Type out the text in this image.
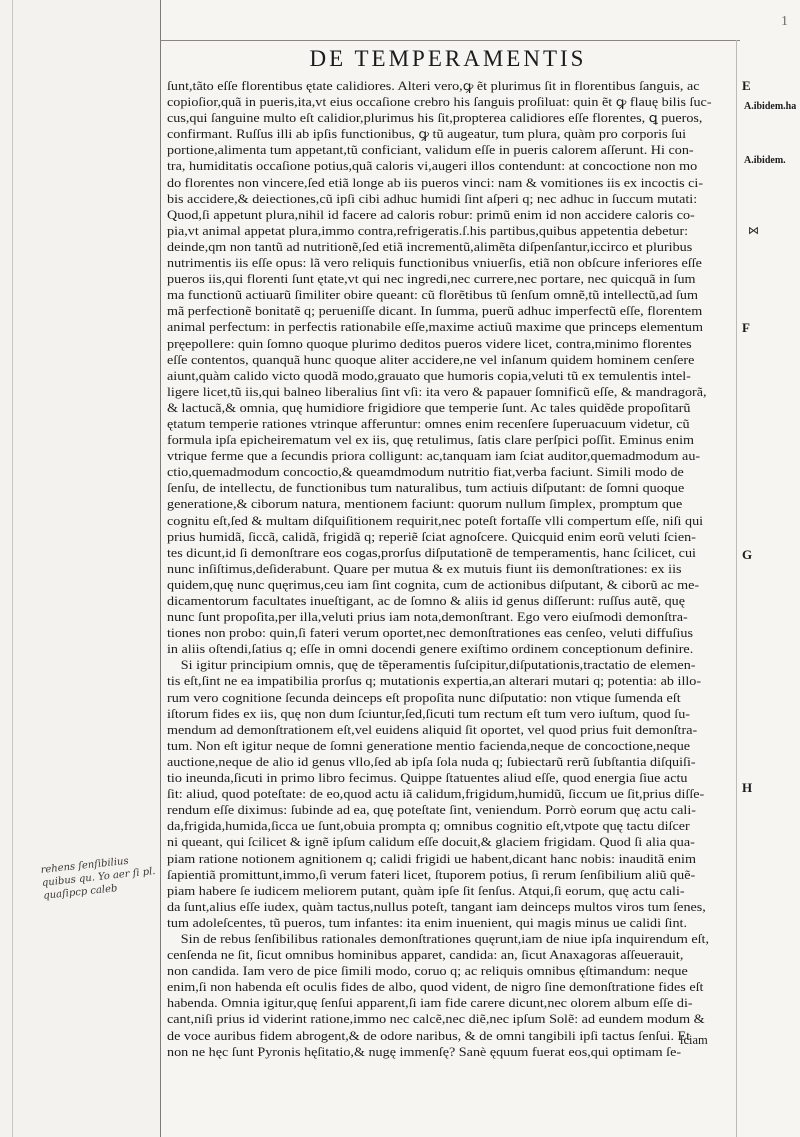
rehens ſenſibilius quibus qu. Yo aer ſi pl. quaſipcp caleb
1
DE TEMPERAMENTIS
A.ibidem.ha
A.ibidem.
⋈
E
F
G
H
ſunt,tãto eſſe florentibus ętate calidiores. Alteri vero,ꝙ ẽt plurimus ſit in florentibus ſanguis, ac
copioſior,quã in pueris,ita,vt eius occaſione crebro his ſanguis proſiluat: quin ẽt ꝙ flauę bilis ſuc-
cus,qui ſanguine multo eſt calidior,plurimus his ſit,propterea calidiores eſſe florentes, ꝗ pueros,
confirmant. Ruſſus illi ab ipſis functionibus, ꝙ tũ augeatur, tum plura, quàm pro corporis ſui
portione,alimenta tum appetant,tũ conficiant, validum eſſe in pueris calorem aſſerunt. Hi con-
tra, humiditatis occaſione potius,quã caloris vi,augeri illos contendunt: at concoctione non mo
do florentes non vincere,ſed etiã longe ab iis pueros vinci: nam & vomitiones iis ex incoctis ci-
bis accidere,& deiectiones,cũ ipſi cibi adhuc humidi ſint aſperi q; nec adhuc in ſuccum mutati:
Quod,ſi appetunt plura,nihil id facere ad caloris robur: primũ enim id non accidere caloris co-
pia,vt animal appetat plura,immo contra,refrigeratis.ſ.his partibus,quibus appetentia debetur:
deinde,qm non tantũ ad nutritionẽ,ſed etiã incrementũ,alimẽta diſpenſantur,iccirco et pluribus
nutrimentis iis eſſe opus: lã vero reliquis functionibus vniuerſis, etiã non obſcure inferiores eſſe
pueros iis,qui florenti ſunt ętate,vt qui nec ingredi,nec currere,nec portare, nec quicquã in ſum
ma functionũ actiuarũ ſimiliter obire queant: cũ florẽtibus tũ ſenſum omnẽ,tũ intellectũ,ad ſum
mã perfectionẽ bonitatẽ q; perueniſſe dicant. In ſumma, puerũ adhuc imperfectũ eſſe, florentem
animal perfectum: in perfectis rationabile eſſe,maxime actiuũ maxime que princeps elementum
pręepollere: quin ſomno quoque plurimo deditos pueros videre licet, contra,minimo florentes
eſſe contentos, quanquã hunc quoque aliter accidere,ne vel inſanum quidem hominem cenſere
aiunt,quàm calido victo quodã modo,grauato que humoris copia,veluti tũ ex temulentis intel-
ligere licet,tũ iis,qui balneo liberalius ſint vſi: ita vero & papauer ſomnificũ eſſe, & mandragorã,
& lactucã,& omnia, quę humidiore frigidiore que temperie ſunt. Ac tales quidẽde propoſitarũ
ętatum temperie rationes vtrinque afferuntur: omnes enim recenſere ſuperuacuum videtur, cũ
formula ipſa epicheirematum vel ex iis, quę retulimus, ſatis clare perſpici poſſit. Eminus enim
vtrique ferme que a ſecundis priora colligunt: ac,tanquam iam ſciat auditor,quemadmodum au-
ctio,quemadmodum concoctio,& queamdmodum nutritio fiat,verba faciunt. Simili modo de
ſenſu, de intellectu, de functionibus tum naturalibus, tum actiuis diſputant: de ſomni quoque
generatione,& ciborum natura, mentionem faciunt: quorum nullum ſimplex, promptum que
cognitu eſt,ſed & multam diſquiſitionem requirit,nec poteſt fortaſſe vlli compertum eſſe, niſi qui
prius humidã, ſiccã, calidã, frigidã q; reperiẽ ſciat agnoſcere. Quicquid enim eorũ veluti ſcien-
tes dicunt,id ſi demonſtrare eos cogas,prorſus diſputationẽ de temperamentis, hanc ſcilicet, cui
nunc inſiſtimus,deſiderabunt. Quare per mutua & ex mutuis fiunt iis demonſtrationes: ex iis
quidem,quę nunc quęrimus,ceu iam ſint cognita, cum de actionibus diſputant, & ciborũ ac me-
dicamentorum facultates inueſtigant, ac de ſomno & aliis id genus diſſerunt: ruſſus autẽ, quę
nunc ſunt propoſita,per illa,veluti prius iam nota,demonſtrant. Ego vero eiuſmodi demonſtra-
tiones non probo: quin,ſi fateri verum oportet,nec demonſtrationes eas cenſeo, veluti diffuſius
in aliis oſtendi,ſatius q; eſſe in omni docendi genere exiſtimo ordinem conceptionum definire.
Si igitur principium omnis, quę de tẽperamentis ſuſcipitur,diſputationis,tractatio de elemen-
tis eſt,ſint ne ea impatibilia prorſus q; mutationis expertia,an alterari mutari q; potentia: ab illo-
rum vero cognitione ſecunda deinceps eſt propoſita nunc diſputatio: non vtique ſumenda eſt
iſtorum fides ex iis, quę non dum ſciuntur,ſed,ſicuti tum rectum eſt tum vero iuſtum, quod ſu-
mendum ad demonſtrationem eſt,vel euidens aliquid ſit oportet, vel quod prius fuit demonſtra-
tum. Non eſt igitur neque de ſomni generatione mentio facienda,neque de concoctione,neque
auctione,neque de alio id genus vllo,ſed ab ipſa ſola nuda q; ſubiectarũ rerũ ſubſtantia diſquiſi-
tio ineunda,ſicuti in primo libro fecimus. Quippe ſtatuentes aliud eſſe, quod energia ſiue actu
ſit: aliud, quod poteſtate: de eo,quod actu iã calidum,frigidum,humidũ, ſiccum ue ſit,prius diſſe-
rendum eſſe diximus: ſubinde ad ea, quę poteſtate ſint, veniendum. Porrò eorum quę actu cali-
da,frigida,humida,ſicca ue ſunt,obuia prompta q; omnibus cognitio eſt,vtpote quę tactu diſcer
ni queant, qui ſcilicet & ignẽ ipſum calidum eſſe docuit,& glaciem frigidam. Quod ſi alia qua-
piam ratione notionem agnitionem q; calidi frigidi ue habent,dicant hanc nobis: inauditã enim
ſapientiã promittunt,immo,ſi verum fateri licet, ſtuporem potius, ſi rerum ſenſibilium aliũ quẽ-
piam habere ſe iudicem meliorem putant, quàm ipſe ſit ſenſus. Atqui,ſi eorum, quę actu cali-
da ſunt,alius eſſe iudex, quàm tactus,nullus poteſt, tangant iam deinceps multos viros tum ſenes,
tum adoleſcentes, tũ pueros, tum infantes: ita enim inuenient, qui magis minus ue calidi ſint.
Sin de rebus ſenſibilibus rationales demonſtrationes quęrunt,iam de niue ipſa inquirendum eſt,
cenſenda ne ſit, ſicut omnibus hominibus apparet, candida: an, ſicut Anaxagoras aſſeuerauit,
non candida. Iam vero de pice ſimili modo, coruo q; ac reliquis omnibus ęſtimandum: neque
enim,ſi non habenda eſt oculis fides de albo, quod vident, de nigro ſine demonſtratione fides eſt
habenda. Omnia igitur,quę ſenſui apparent,ſi iam fide carere dicunt,nec olorem album eſſe di-
cant,niſi prius id viderint ratione,immo nec calcẽ,nec diẽ,nec ipſum Solẽ: ad eundem modum &
de voce auribus fidem abrogent,& de odore naribus, & de omni tangibili ipſi tactus ſenſui. Et
non ne hęc ſunt Pyronis hęſitatio,& nugę immenſę? Sanè ęquum fuerat eos,qui optimam ſe-
ſciam
